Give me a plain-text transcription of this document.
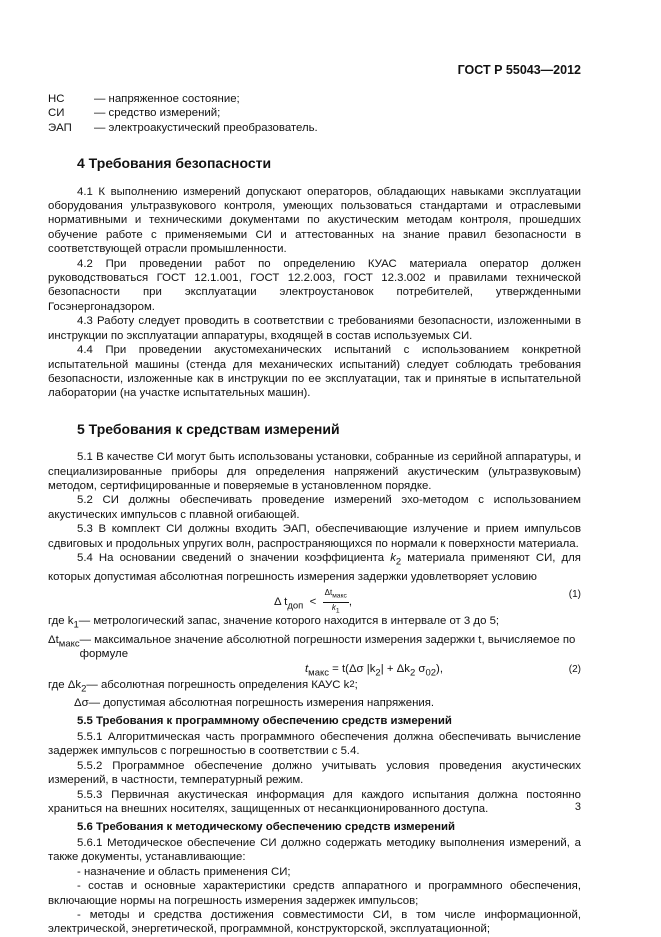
ГОСТ Р 55043—2012
НС	— напряженное состояние;
СИ	— средство измерений;
ЭАП	— электроакустический преобразователь.
4 Требования безопасности

4.1 К выполнению измерений допускают операторов, обладающих навыками эксплуатации оборудования ультразвукового контроля, умеющих пользоваться стандартами и отраслевыми нормативными и техническими документами по акустическим методам контроля, прошедших обучение работе с применяемыми СИ и аттестованных на знание правил безопасности в соответствующей отрасли промышленности.

4.2 При проведении работ по определению КУАС материала оператор должен руководствоваться ГОСТ 12.1.001, ГОСТ 12.2.003, ГОСТ 12.3.002 и правилами технической безопасности при эксплуатации электроустановок потребителей, утвержденными Госэнергонадзором.

4.3 Работу следует проводить в соответствии с требованиями безопасности, изложенными в инструкции по эксплуатации аппаратуры, входящей в состав используемых СИ.

4.4 При проведении акустомеханических испытаний с использованием конкретной испытательной машины (стенда для механических испытаний) следует соблюдать требования безопасности, изложенные как в инструкции по ее эксплуатации, так и принятые в испытательной лаборатории (на участке испытательных машин).

5 Требования к средствам измерений

5.1 В качестве СИ могут быть использованы установки, собранные из серийной аппаратуры, и специализированные приборы для определения напряжений акустическим (ультразвуковым) методом, сертифицированные и поверяемые в установленном порядке.

5.2 СИ должны обеспечивать проведение измерений эхо-методом с использованием акустических импульсов с плавной огибающей.

5.3 В комплект СИ должны входить ЭАП, обеспечивающие излучение и прием импульсов сдвиговых и продольных упругих волн, распространяющихся по нормали к поверхности материала.

5.4 На основании сведений о значении коэффициента $k_2$ материала применяют СИ, для которых допустимая абсолютная погрешность измерения задержки удовлетворяет условию

Δ $t_{доп} < \frac{\Delta t_{макс}}{k_1}$ ,
(1)
где $k_1$ — метрологический запас, значение которого находится в интервале от 3 до 5;
$\Delta t_{макс}$ — максимальное значение абсолютной погрешности измерения задержки t, вычисляемое по формуле
$t_{макс} = t(\Delta\sigma$ $|k_2| + \Delta k_2$ $\sigma_{02}$),	(2)
где $\Delta k_2$ — абсолютная погрешность определения КАУС k 2 ;
Δσ — допустимая абсолютная погрешность измерения напряжения.
5.5 Требования к программному обеспечению средств измерений

5.5.1 Алгоритмическая часть программного обеспечения должна обеспечивать вычисление задержек импульсов с погрешностью в соответствии с 5.4.

5.5.2 Программное обеспечение должно учитывать условия проведения акустических измерений, в частности, температурный режим.

5.5.3 Первичная акустическая информация для каждого испытания должна постоянно храниться на внешних носителях, защищенных от несанкционированного доступа.

5.6 Требования к методическому обеспечению средств измерений

5.6.1 Методическое обеспечение СИ должно содержать методику выполнения измерений, а также документы, устанавливающие:

- назначение и область применения СИ;

- состав и основные характеристики средств аппаратного и программного обеспечения, включающие нормы на погрешность измерения задержек импульсов;

- методы и средства достижения совместимости СИ, в том числе информационной, электрической, энергетической, программной, конструкторской, эксплуатационной;

3
